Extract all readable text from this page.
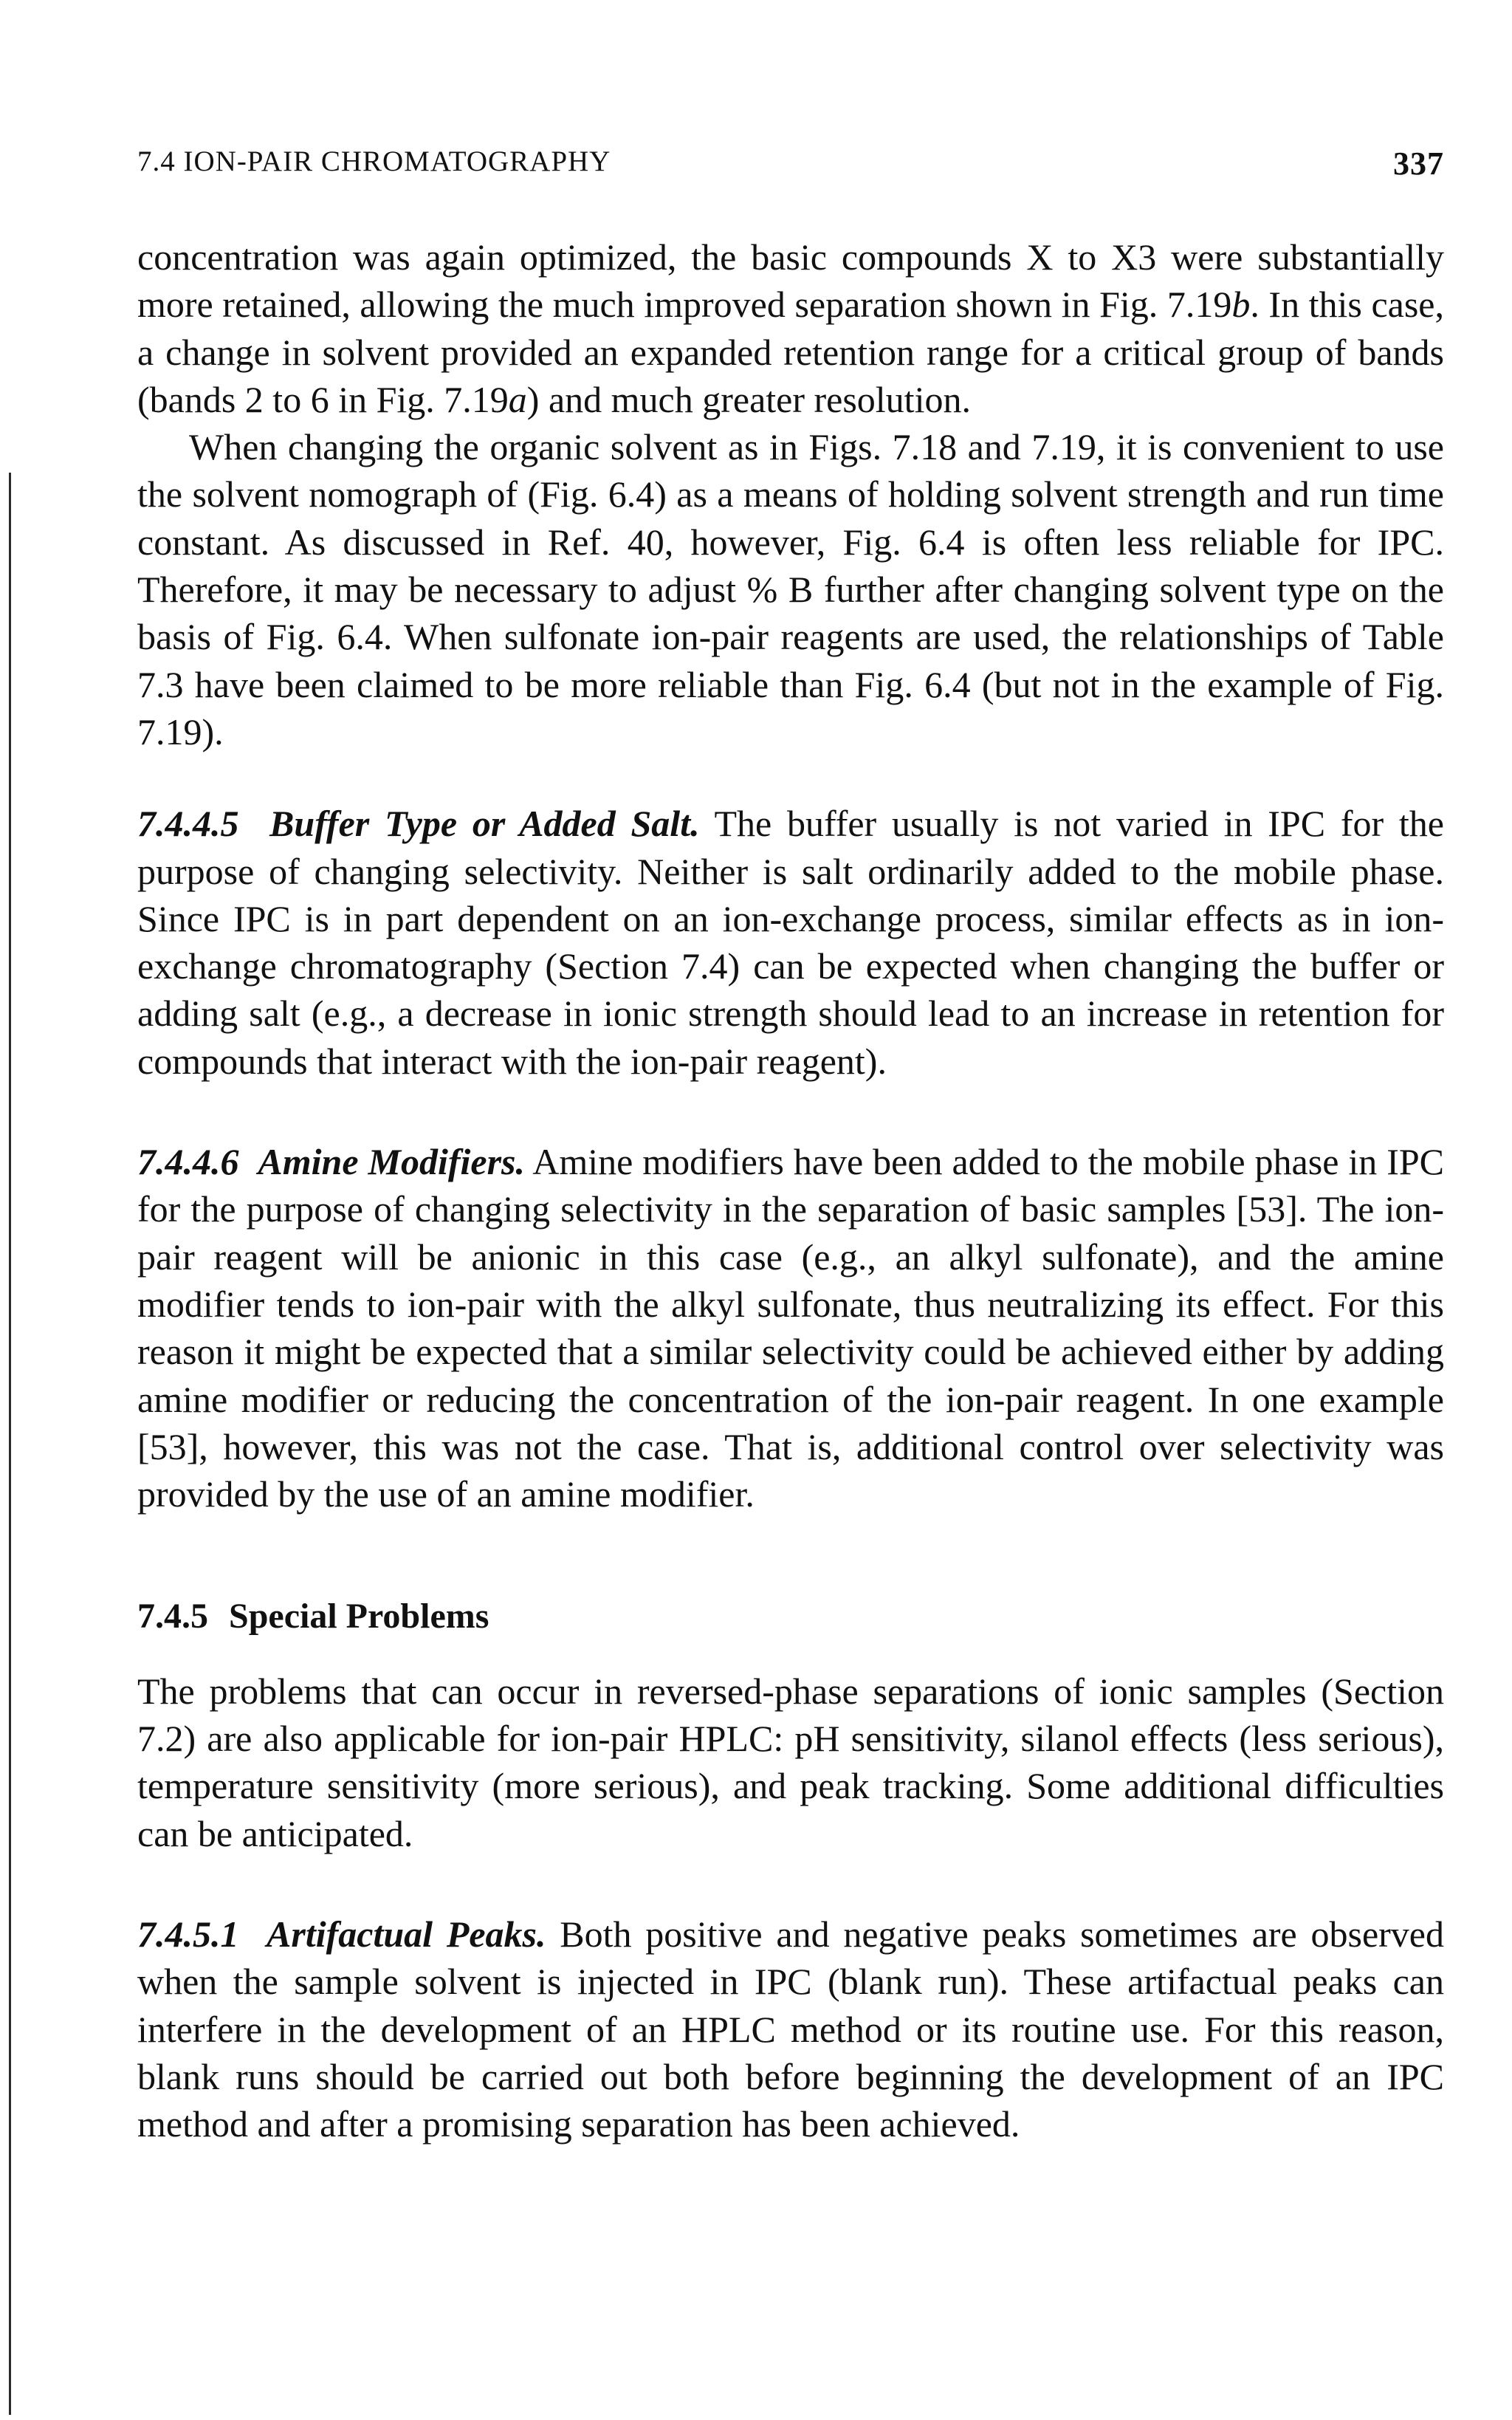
7.4 ION-PAIR CHROMATOGRAPHY	337

concentration was again optimized, the basic compounds X to X3 were substantially more retained, allowing the much improved separation shown in Fig. 7.19b. In this case, a change in solvent provided an expanded retention range for a critical group of bands (bands 2 to 6 in Fig. 7.19a) and much greater resolution.

When changing the organic solvent as in Figs. 7.18 and 7.19, it is convenient to use the solvent nomograph of (Fig. 6.4) as a means of holding solvent strength and run time constant. As discussed in Ref. 40, however, Fig. 6.4 is often less reliable for IPC. Therefore, it may be necessary to adjust % B further after changing solvent type on the basis of Fig. 6.4. When sulfonate ion-pair reagents are used, the relationships of Table 7.3 have been claimed to be more reliable than Fig. 6.4 (but not in the example of Fig. 7.19).

7.4.4.5 Buffer Type or Added Salt. The buffer usually is not varied in IPC for the purpose of changing selectivity. Neither is salt ordinarily added to the mobile phase. Since IPC is in part dependent on an ion-exchange process, similar effects as in ion-exchange chromatography (Section 7.4) can be expected when changing the buffer or adding salt (e.g., a decrease in ionic strength should lead to an increase in retention for compounds that interact with the ion-pair reagent).

7.4.4.6 Amine Modifiers. Amine modifiers have been added to the mobile phase in IPC for the purpose of changing selectivity in the separation of basic samples [53]. The ion-pair reagent will be anionic in this case (e.g., an alkyl sulfonate), and the amine modifier tends to ion-pair with the alkyl sulfonate, thus neutralizing its effect. For this reason it might be expected that a similar selectivity could be achieved either by adding amine modifier or reducing the concentration of the ion-pair reagent. In one example [53], however, this was not the case. That is, additional control over selectivity was provided by the use of an amine modifier.

7.4.5 Special Problems

The problems that can occur in reversed-phase separations of ionic samples (Section 7.2) are also applicable for ion-pair HPLC: pH sensitivity, silanol effects (less serious), temperature sensitivity (more serious), and peak tracking. Some additional difficulties can be anticipated.

7.4.5.1 Artifactual Peaks. Both positive and negative peaks sometimes are observed when the sample solvent is injected in IPC (blank run). These artifactual peaks can interfere in the development of an HPLC method or its routine use. For this reason, blank runs should be carried out both before beginning the development of an IPC method and after a promising separation has been achieved.
